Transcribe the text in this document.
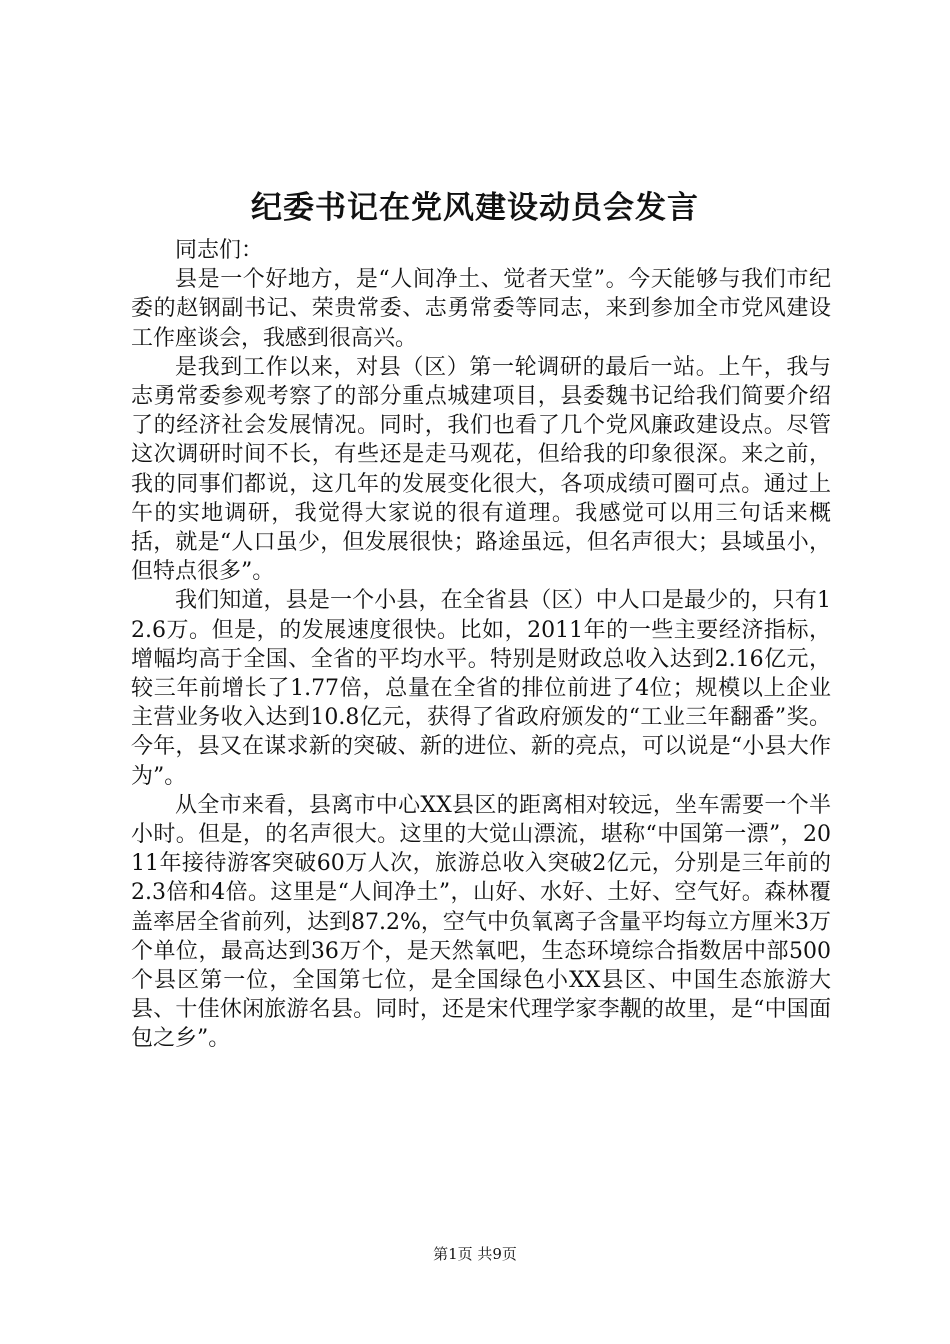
纪委书记在党风建设动员会发言

同志们：

县是一个好地方，是“人间净土、觉者天堂”。今天能够与我们市纪委的赵钢副书记、荣贵常委、志勇常委等同志，来到参加全市党风建设工作座谈会，我感到很高兴。

是我到工作以来，对县（区）第一轮调研的最后一站。上午，我与志勇常委参观考察了的部分重点城建项目，县委魏书记给我们简要介绍了的经济社会发展情况。同时，我们也看了几个党风廉政建设点。尽管这次调研时间不长，有些还是走马观花，但给我的印象很深。来之前，我的同事们都说，这几年的发展变化很大，各项成绩可圈可点。通过上午的实地调研，我觉得大家说的很有道理。我感觉可以用三句话来概括，就是“人口虽少，但发展很快；路途虽远，但名声很大；县域虽小，但特点很多”。

我们知道，县是一个小县，在全省县（区）中人口是最少的，只有12.6万。但是，的发展速度很快。比如，2011年的一些主要经济指标，增幅均高于全国、全省的平均水平。特别是财政总收入达到2.16亿元，较三年前增长了1.77倍，总量在全省的排位前进了4位；规模以上企业主营业务收入达到10.8亿元，获得了省政府颁发的“工业三年翻番”奖。今年，县又在谋求新的突破、新的进位、新的亮点，可以说是“小县大作为”。

从全市来看，县离市中心XX县区的距离相对较远，坐车需要一个半小时。但是，的名声很大。这里的大觉山漂流，堪称“中国第一漂”，2011年接待游客突破60万人次，旅游总收入突破2亿元，分别是三年前的2.3倍和4倍。这里是“人间净土”，山好、水好、土好、空气好。森林覆盖率居全省前列，达到87.2%，空气中负氧离子含量平均每立方厘米3万个单位，最高达到36万个，是天然氧吧，生态环境综合指数居中部500个县区第一位，全国第七位，是全国绿色小XX县区、中国生态旅游大县、十佳休闲旅游名县。同时，还是宋代理学家李觏的故里，是“中国面包之乡”。

第1页 共9页
